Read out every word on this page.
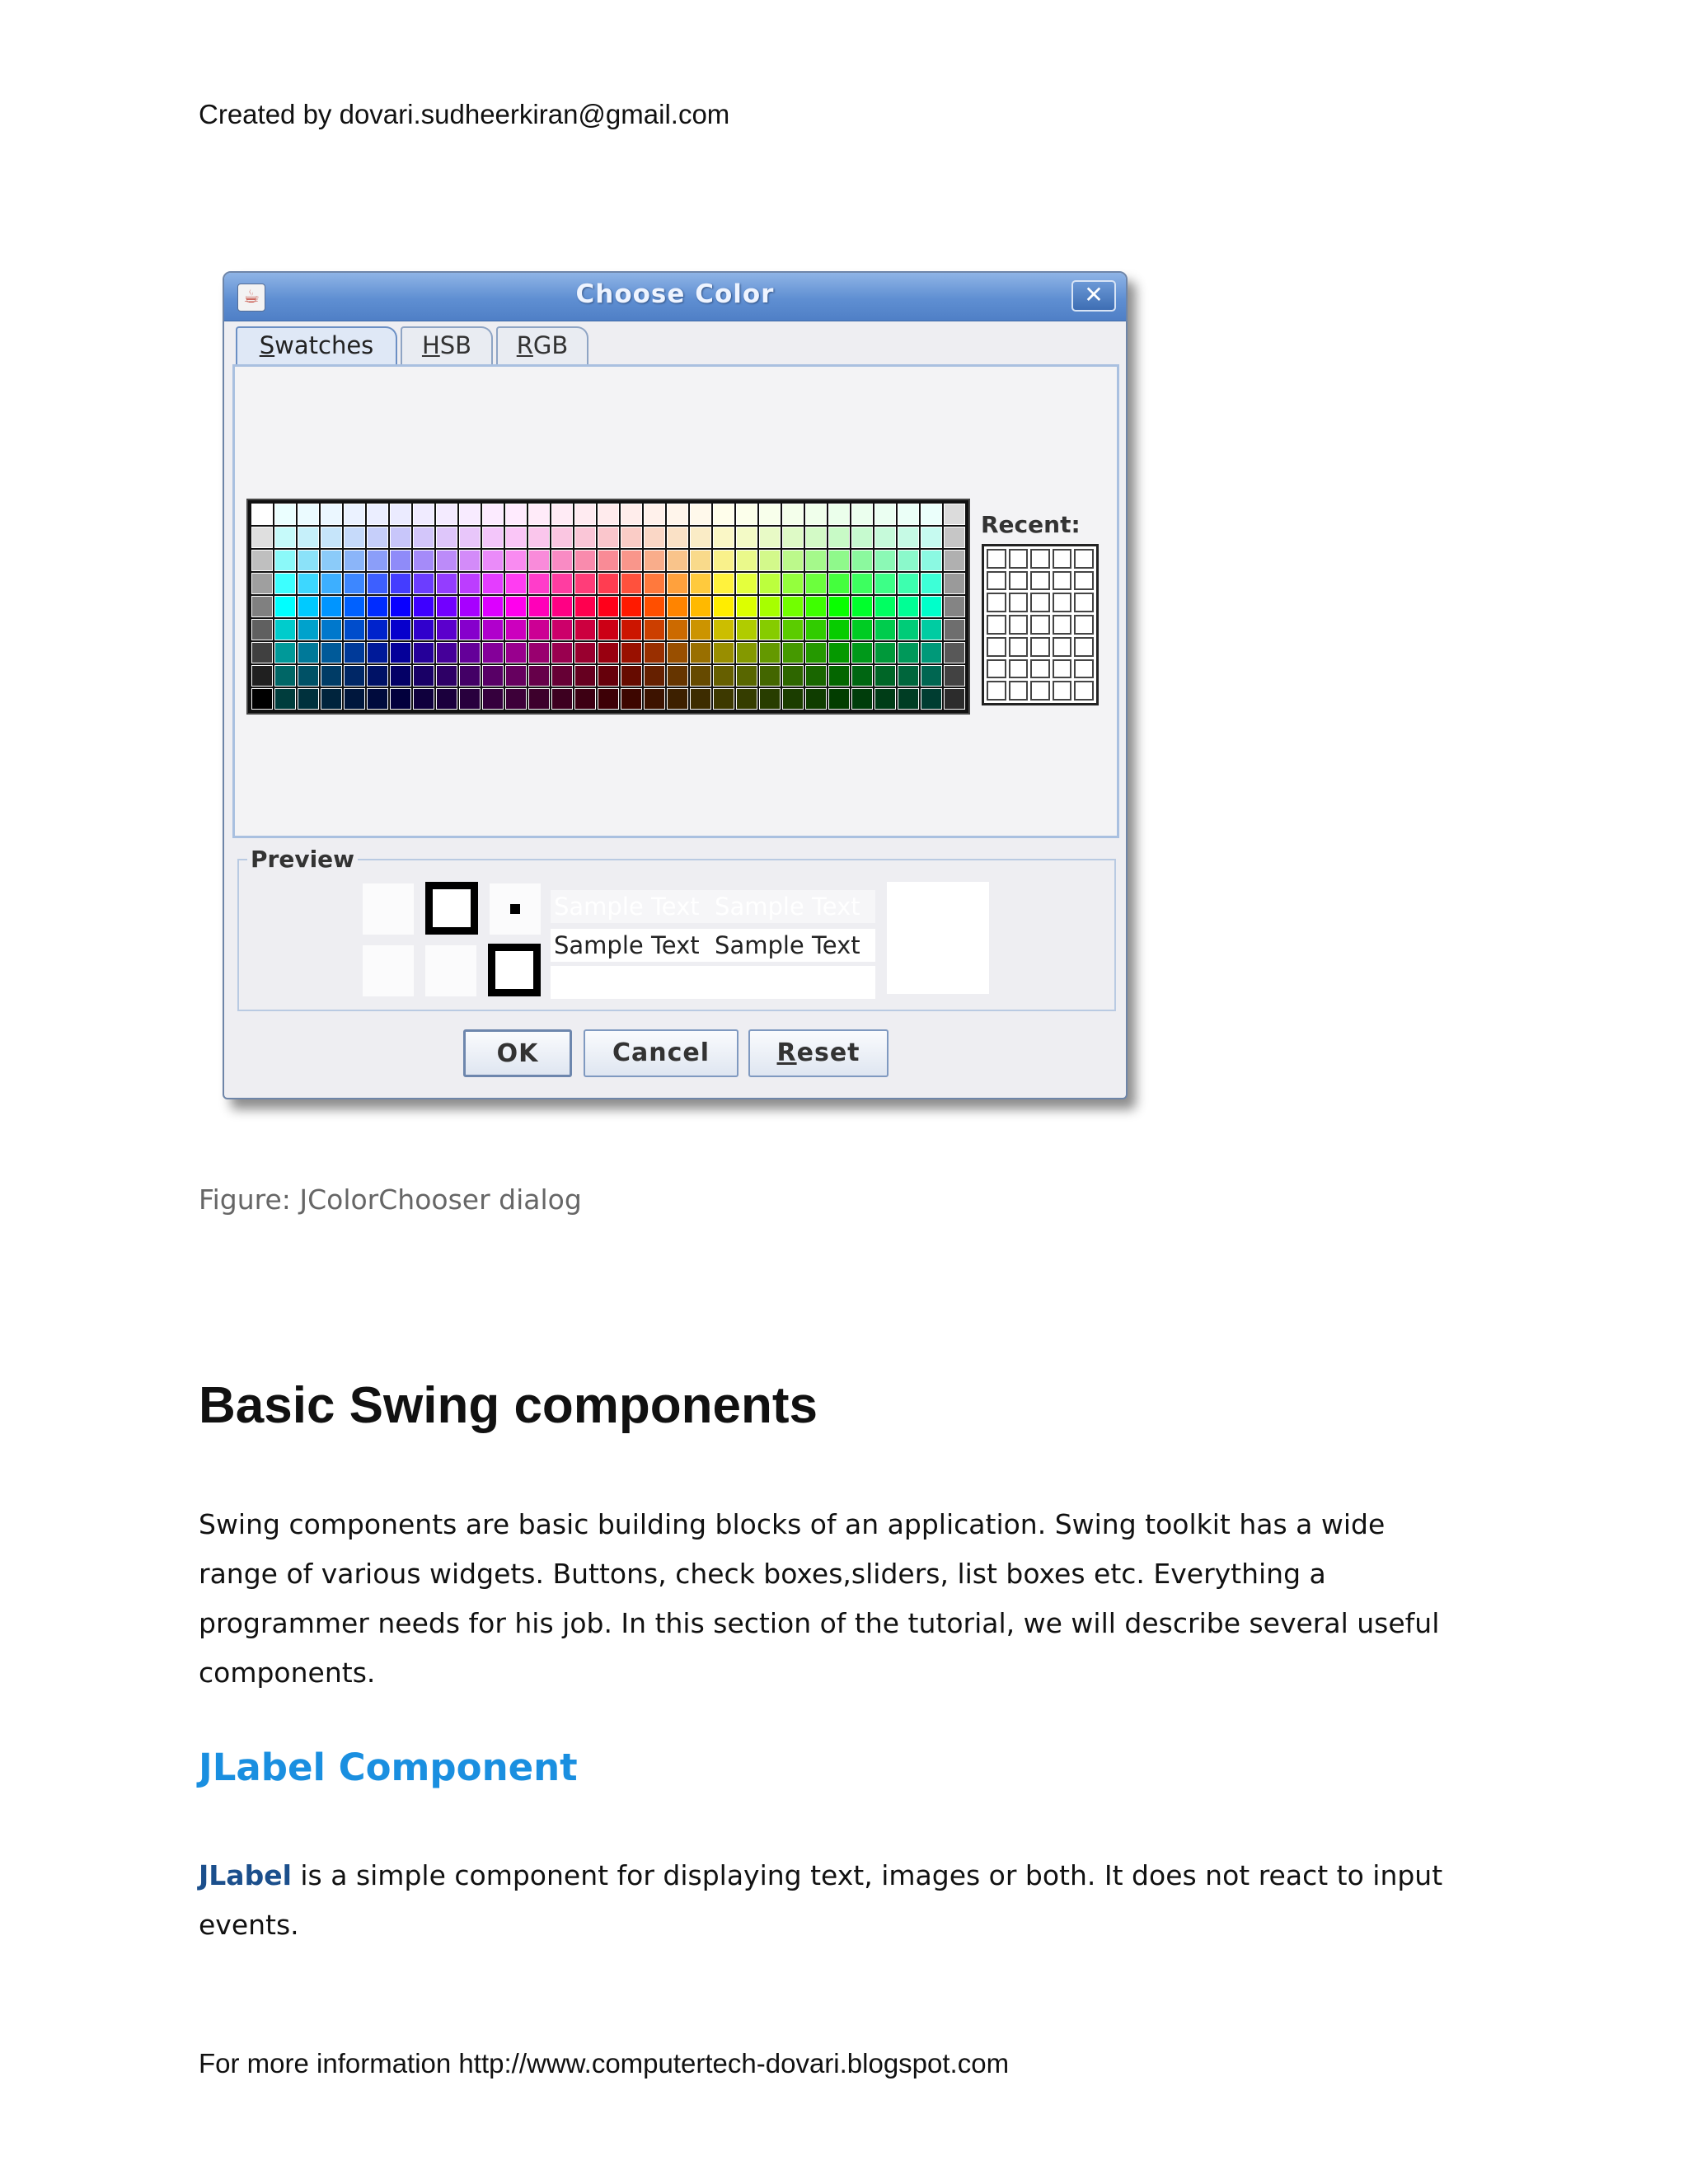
Created by dovari.sudheerkiran@gmail.com
☕	Choose Color	✕
Swatches	HSB	RGB
Recent:
Preview
Sample Text  Sample Text
Sample Text  Sample Text
OK	Cancel	Reset
Figure: JColorChooser dialog
Basic Swing components
Swing components are basic building blocks of an application. Swing toolkit has a wide
range of various widgets. Buttons, check boxes,sliders, list boxes etc. Everything a
programmer needs for his job. In this section of the tutorial, we will describe several useful
components.
JLabel Component
JLabel is a simple component for displaying text, images or both. It does not react to input
events.
For more information http://www.computertech-dovari.blogspot.com
